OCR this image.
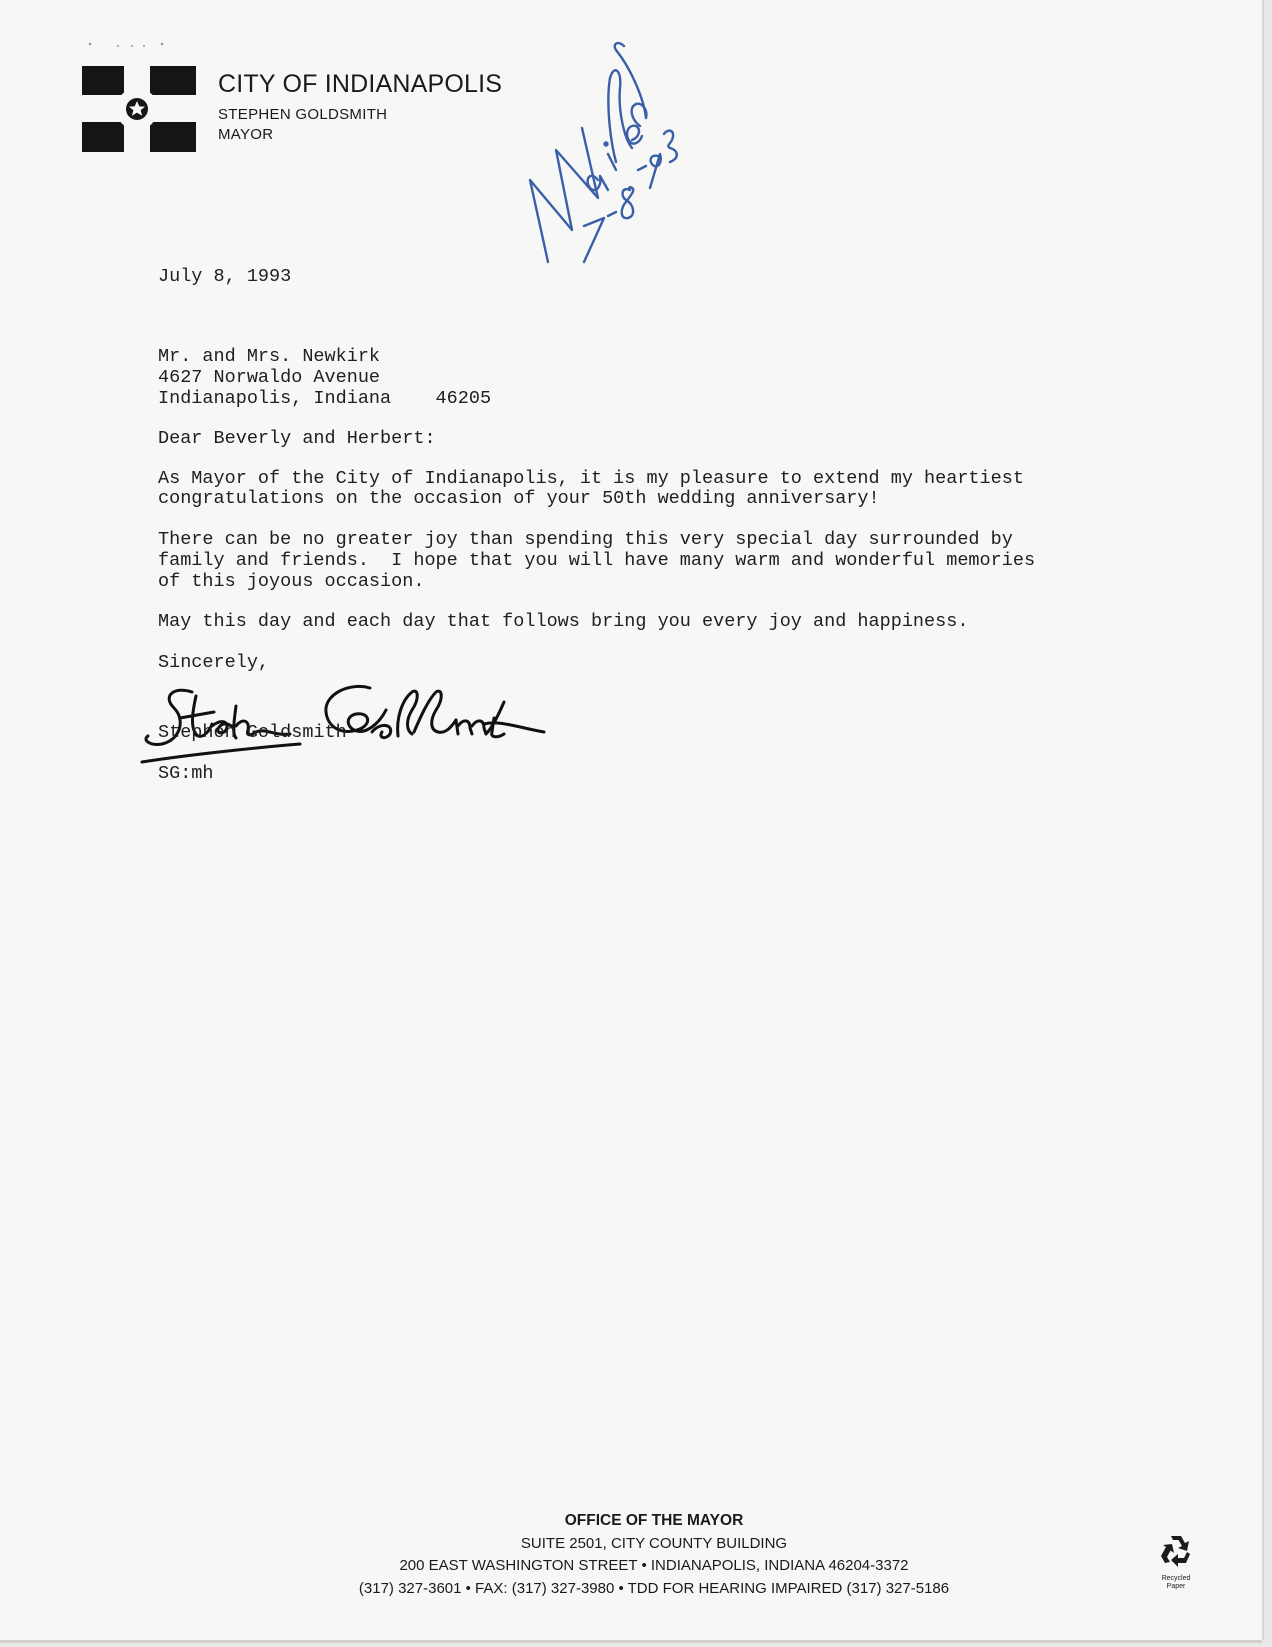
CITY OF INDIANAPOLIS
STEPHEN GOLDSMITH
MAYOR
July 8, 1993
Mr. and Mrs. Newkirk
4627 Norwaldo Avenue
Indianapolis, Indiana    46205
Dear Beverly and Herbert:
As Mayor of the City of Indianapolis, it is my pleasure to extend my heartiest
congratulations on the occasion of your 50th wedding anniversary!
There can be no greater joy than spending this very special day surrounded by
family and friends.  I hope that you will have many warm and wonderful memories
of this joyous occasion.
May this day and each day that follows bring you every joy and happiness.
Sincerely,
Stephen Goldsmith
SG:mh
OFFICE OF THE MAYOR
SUITE 2501, CITY COUNTY BUILDING
200 EAST WASHINGTON STREET • INDIANAPOLIS, INDIANA 46204-3372
(317) 327-3601 • FAX: (317) 327-3980 • TDD FOR HEARING IMPAIRED (317) 327-5186
Recycled
Paper
